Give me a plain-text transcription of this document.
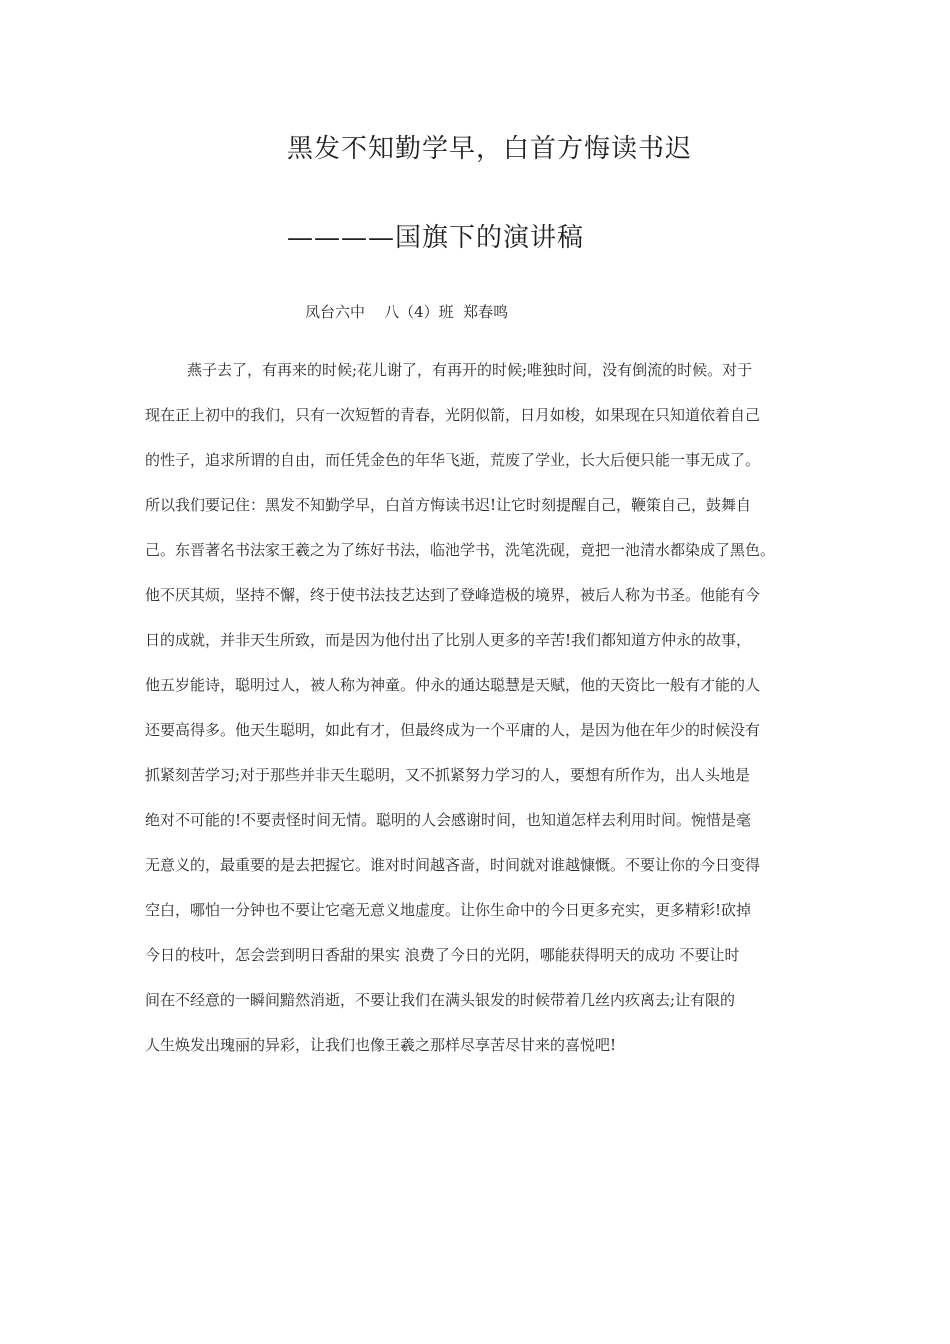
黑发不知勤学早，白首方悔读书迟
————国旗下的演讲稿
凤台六中    八（4）班  郑春鸣
燕子去了，有再来的时候;花儿谢了，有再开的时候;唯独时间，没有倒流的时候。对于
现在正上初中的我们，只有一次短暂的青春，光阴似箭，日月如梭，如果现在只知道依着自己
的性子，追求所谓的自由，而任凭金色的年华飞逝，荒废了学业，长大后便只能一事无成了。
所以我们要记住：黑发不知勤学早，白首方悔读书迟!让它时刻提醒自己，鞭策自己，鼓舞自
己。东晋著名书法家王羲之为了练好书法，临池学书，洗笔洗砚，竟把一池清水都染成了黑色。
他不厌其烦，坚持不懈，终于使书法技艺达到了登峰造极的境界，被后人称为书圣。他能有今
日的成就，并非天生所致，而是因为他付出了比别人更多的辛苦!我们都知道方仲永的故事，
他五岁能诗，聪明过人，被人称为神童。仲永的通达聪慧是天赋，他的天资比一般有才能的人
还要高得多。他天生聪明，如此有才，但最终成为一个平庸的人，是因为他在年少的时候没有
抓紧刻苦学习;对于那些并非天生聪明，又不抓紧努力学习的人，要想有所作为，出人头地是
绝对不可能的!不要责怪时间无情。聪明的人会感谢时间，也知道怎样去利用时间。惋惜是毫
无意义的，最重要的是去把握它。谁对时间越吝啬，时间就对谁越慷慨。不要让你的今日变得
空白，哪怕一分钟也不要让它毫无意义地虚度。让你生命中的今日更多充实，更多精彩!砍掉
今日的枝叶，怎会尝到明日香甜的果实 浪费了今日的光阴，哪能获得明天的成功 不要让时
间在不经意的一瞬间黯然消逝，不要让我们在满头银发的时候带着几丝内疚离去;让有限的
人生焕发出瑰丽的异彩，让我们也像王羲之那样尽享苦尽甘来的喜悦吧!
